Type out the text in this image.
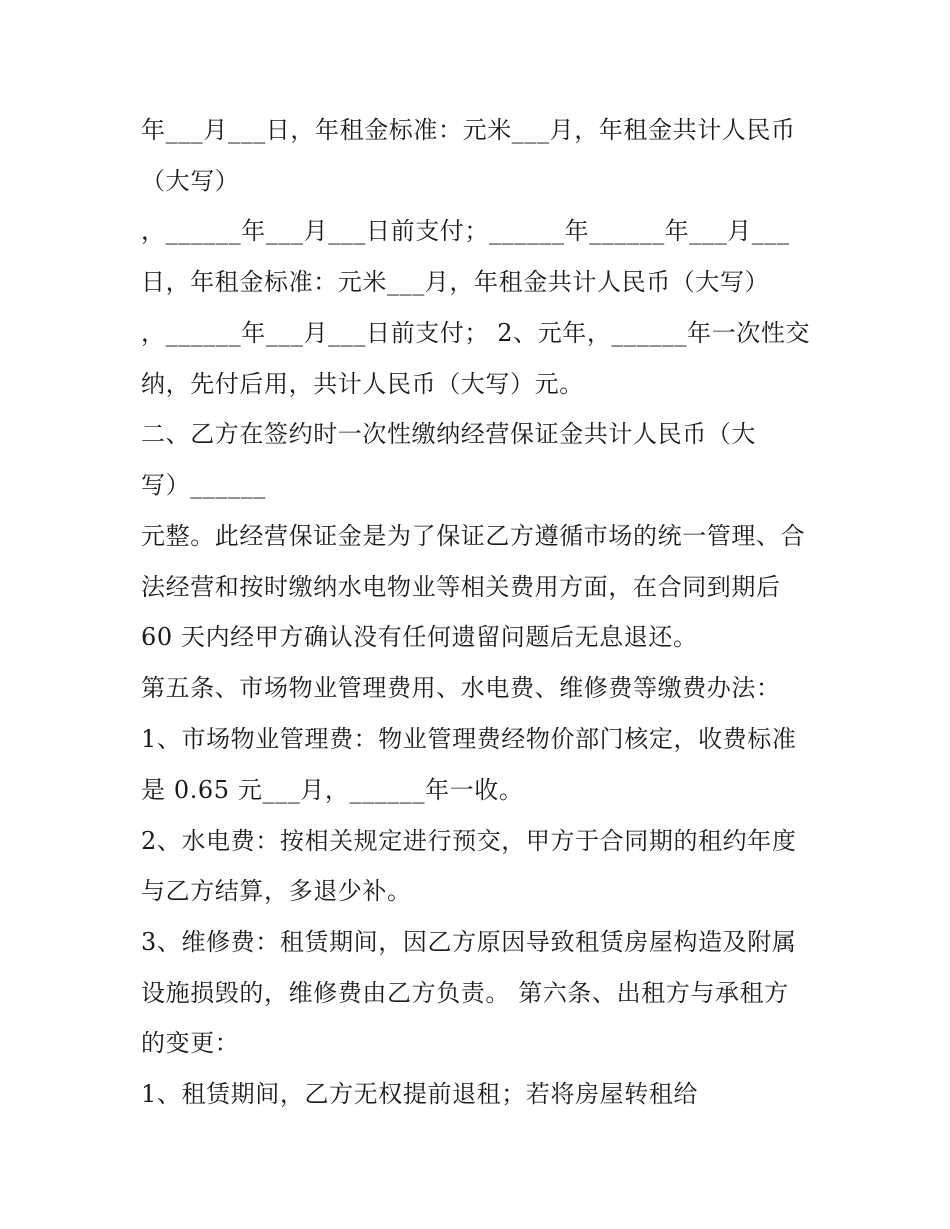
年___月___日，年租金标准：元米___月，年租金共计人民币

（大写）

，______年___月___日前支付；______年______年___月___

日，年租金标准：元米___月，年租金共计人民币（大写）

，______年___月___日前支付； 2、元年，______年一次性交

纳，先付后用，共计人民币（大写）元。

二、乙方在签约时一次性缴纳经营保证金共计人民币（大

写）______

元整。此经营保证金是为了保证乙方遵循市场的统一管理、合

法经营和按时缴纳水电物业等相关费用方面，在合同到期后

60 天内经甲方确认没有任何遗留问题后无息退还。

第五条、市场物业管理费用、水电费、维修费等缴费办法：

1、市场物业管理费：物业管理费经物价部门核定，收费标准

是 0.65 元___月，______年一收。

2、水电费：按相关规定进行预交，甲方于合同期的租约年度

与乙方结算，多退少补。

3、维修费：租赁期间，因乙方原因导致租赁房屋构造及附属

设施损毁的，维修费由乙方负责。 第六条、出租方与承租方

的变更：

1、租赁期间，乙方无权提前退租；若将房屋转租给
